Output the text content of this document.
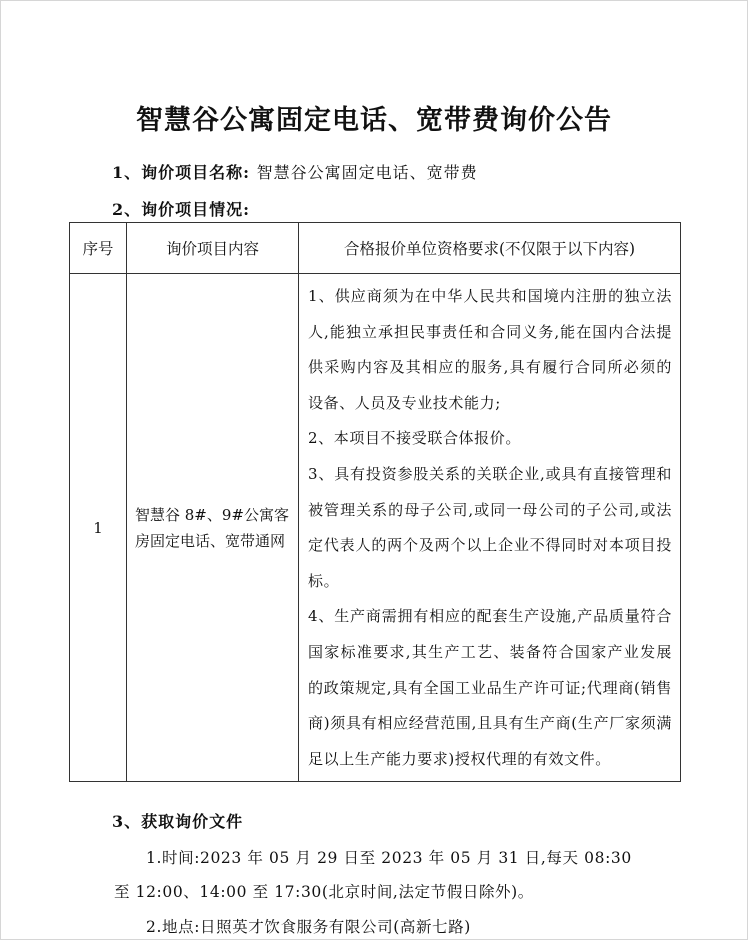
智慧谷公寓固定电话、宽带费询价公告
1、询价项目名称: 智慧谷公寓固定电话、宽带费
2、询价项目情况:
序号	询价项目内容	合格报价单位资格要求(不仅限于以下内容)
1	智慧谷 8#、9#公寓客房固定电话、宽带通网	1、供应商须为在中华人民共和国境内注册的独立法人,能独立承担民事责任和合同义务,能在国内合法提供采购内容及其相应的服务,具有履行合同所必须的设备、人员及专业技术能力;

2、本项目不接受联合体报价。

3、具有投资参股关系的关联企业,或具有直接管理和被管理关系的母子公司,或同一母公司的子公司,或法定代表人的两个及两个以上企业不得同时对本项目投标。

4、生产商需拥有相应的配套生产设施,产品质量符合国家标准要求,其生产工艺、装备符合国家产业发展的政策规定,具有全国工业品生产许可证;代理商(销售商)须具有相应经营范围,且具有生产商(生产厂家须满足以上生产能力要求)授权代理的有效文件。

3、获取询价文件
1.时间:2023 年 05 月 29 日至 2023 年 05 月 31 日,每天 08:30
至 12:00、14:00 至 17:30(北京时间,法定节假日除外)。
2.地点:日照英才饮食服务有限公司(高新七路)
